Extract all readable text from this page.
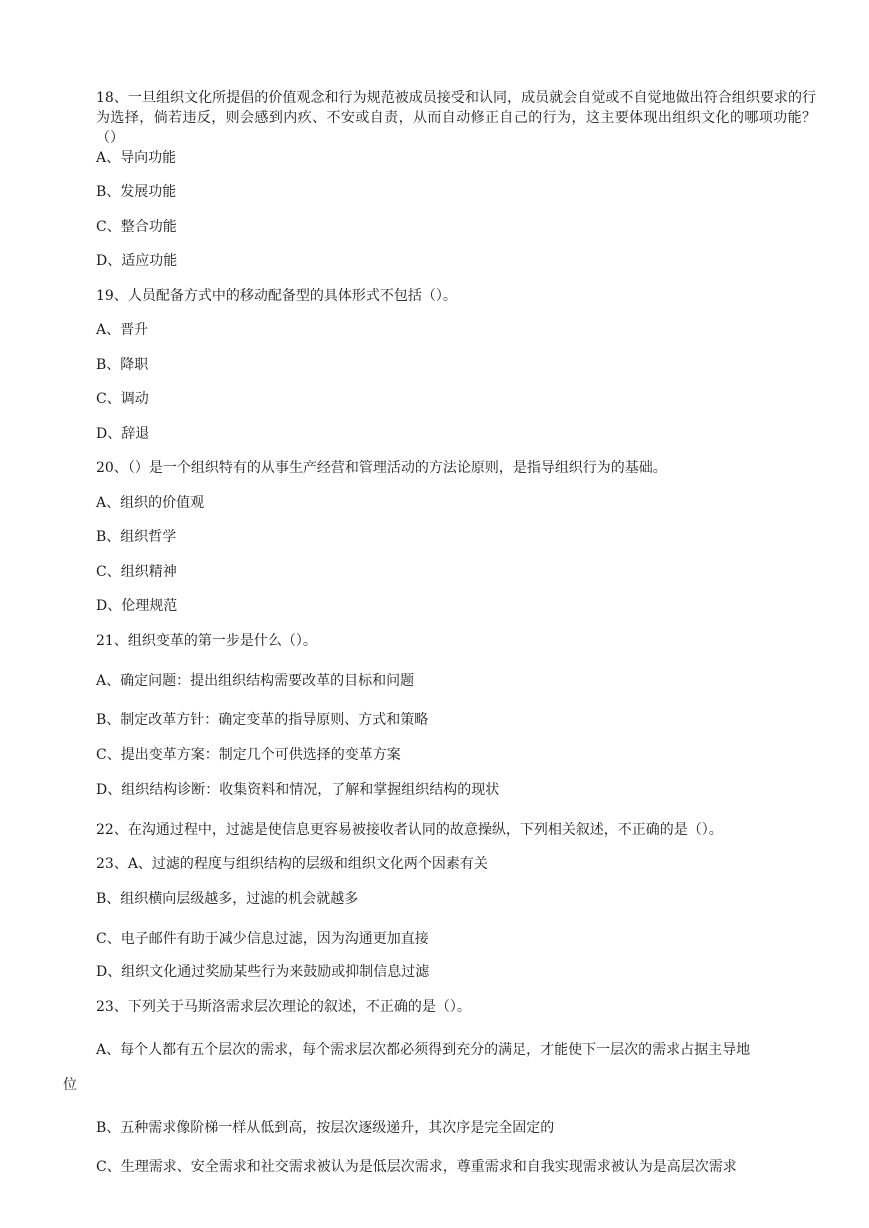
18、一旦组织文化所提倡的价值观念和行为规范被成员接受和认同，成员就会自觉或不自觉地做出符合组织要求的行为选择，倘若违反，则会感到内疚、不安或自责，从而自动修正自己的行为，这主要体现出组织文化的哪项功能？（）
A、导向功能
B、发展功能
C、整合功能
D、适应功能
19、人员配备方式中的移动配备型的具体形式不包括（）。
A、晋升
B、降职
C、调动
D、辞退
20、（）是一个组织特有的从事生产经营和管理活动的方法论原则，是指导组织行为的基础。
A、组织的价值观
B、组织哲学
C、组织精神
D、伦理规范
21、组织变革的第一步是什么（）。
A、确定问题：提出组织结构需要改革的目标和问题
B、制定改革方针：确定变革的指导原则、方式和策略
C、提出变革方案：制定几个可供选择的变革方案
D、组织结构诊断：收集资料和情况，了解和掌握组织结构的现状
22、在沟通过程中，过滤是使信息更容易被接收者认同的故意操纵，下列相关叙述，不正确的是（）。
23、A、过滤的程度与组织结构的层级和组织文化两个因素有关
B、组织横向层级越多，过滤的机会就越多
C、电子邮件有助于减少信息过滤，因为沟通更加直接
D、组织文化通过奖励某些行为来鼓励或抑制信息过滤
23、下列关于马斯洛需求层次理论的叙述，不正确的是（）。
A、每个人都有五个层次的需求，每个需求层次都必须得到充分的满足，才能使下一层次的需求占据主导地
位
B、五种需求像阶梯一样从低到高，按层次逐级递升，其次序是完全固定的
C、生理需求、安全需求和社交需求被认为是低层次需求，尊重需求和自我实现需求被认为是高层次需求
